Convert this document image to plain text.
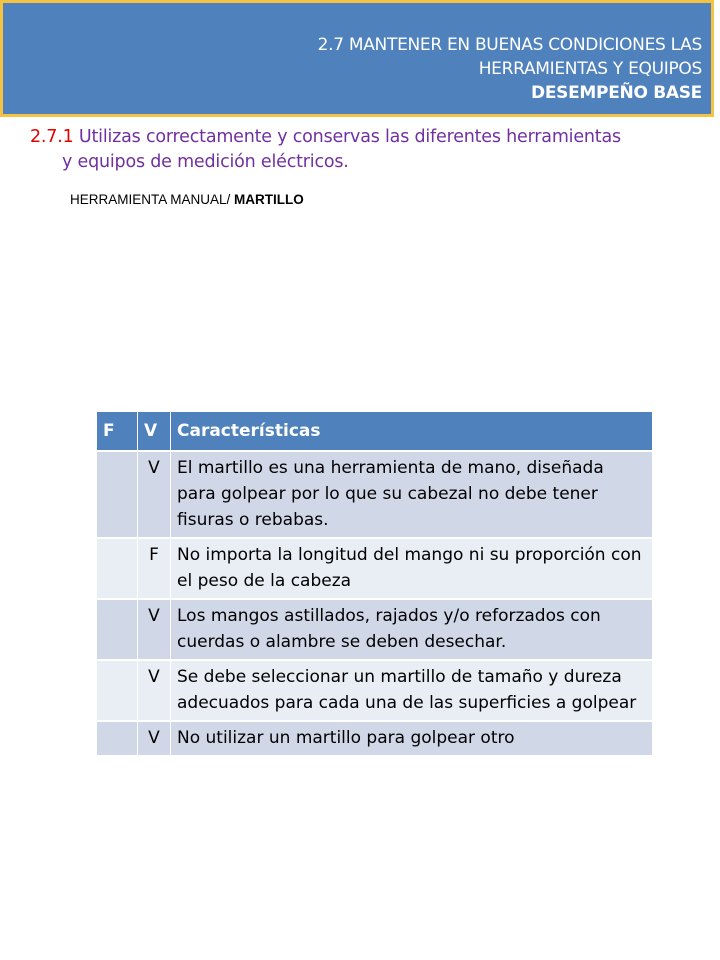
2.7 MANTENER EN BUENAS CONDICIONES LAS
HERRAMIENTAS Y EQUIPOS
DESEMPEÑO BASE
2.7.1 Utilizas correctamente y conservas las diferentes herramientas
y equipos de medición eléctricos.
HERRAMIENTA MANUAL/ MARTILLO
F	V	Características
	V	El martillo es una herramienta de mano, diseñada para golpear por lo que su cabezal no debe tener fisuras o rebabas.
	F	No importa la longitud del mango ni su proporción con el peso de la cabeza
	V	Los mangos astillados, rajados y/o reforzados con cuerdas o alambre se deben desechar.
	V	Se debe seleccionar un martillo de tamaño y dureza adecuados para cada una de las superficies a golpear
	V	No utilizar un martillo para golpear otro
